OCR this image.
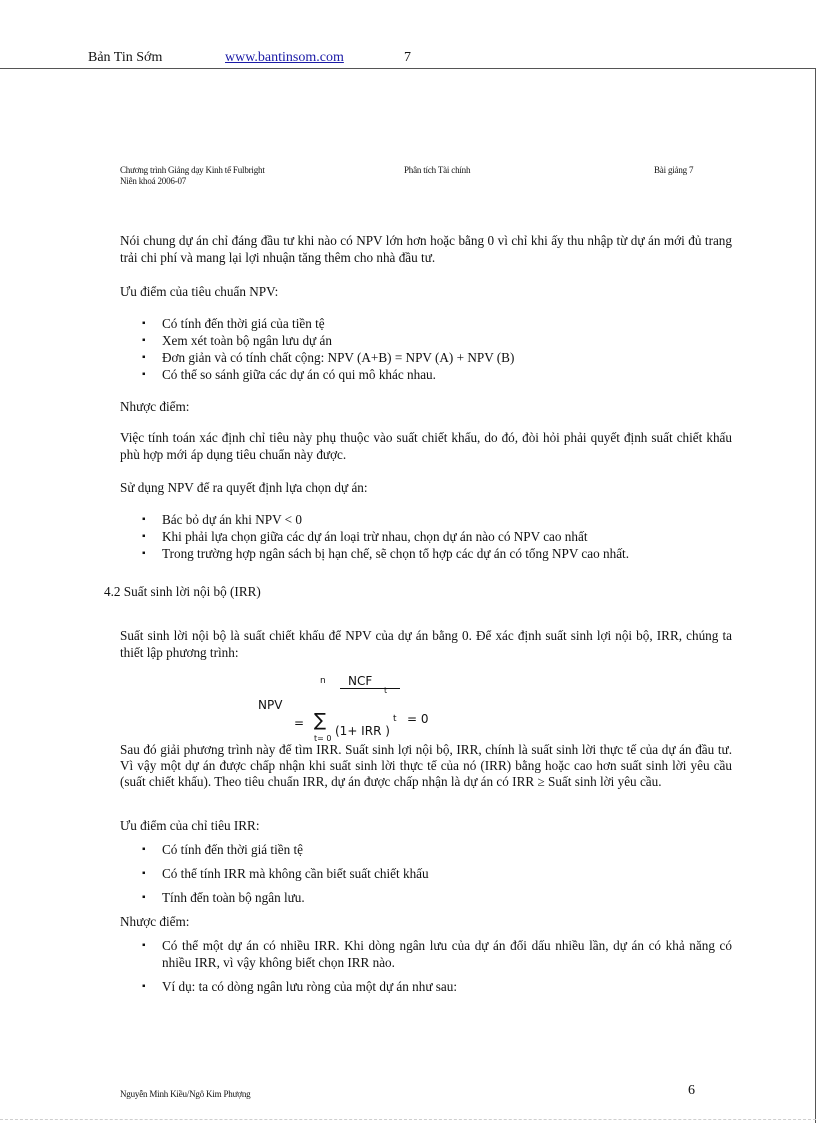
Bản Tin Sớm	www.bantinsom.com	7
Chương trình Giảng dạy Kinh tế Fulbright
Niên khoá 2006-07
Phân tích Tài chính	Bài giảng 7

Nói chung dự án chỉ đáng đầu tư khi nào có NPV lớn hơn hoặc bằng 0 vì chỉ khi ấy thu nhập từ dự án mới đủ trang trải chi phí và mang lại lợi nhuận tăng thêm cho nhà đầu tư.

Ưu điểm của tiêu chuẩn NPV:

▪ Có tính đến thời giá của tiền tệ
▪ Xem xét toàn bộ ngân lưu dự án
▪ Đơn giản và có tính chất cộng: NPV (A+B) = NPV (A) + NPV (B)
▪ Có thể so sánh giữa các dự án có qui mô khác nhau.

Nhược điểm:

Việc tính toán xác định chỉ tiêu này phụ thuộc vào suất chiết khấu, do đó, đòi hỏi phải quyết định suất chiết khấu phù hợp mới áp dụng tiêu chuẩn này được.

Sử dụng NPV để ra quyết định lựa chọn dự án:

▪ Bác bỏ dự án khi NPV < 0
▪ Khi phải lựa chọn giữa các dự án loại trừ nhau, chọn dự án nào có NPV cao nhất
▪ Trong trường hợp ngân sách bị hạn chế, sẽ chọn tổ hợp các dự án có tổng NPV cao nhất.
4.2 Suất sinh lời nội bộ (IRR)

Suất sinh lời nội bộ là suất chiết khấu để NPV của dự án bằng 0. Để xác định suất sinh lợi nội bộ, IRR, chúng ta thiết lập phương trình:

n NCF
t
NPV
∑
=
(1+ IRR )
t = 0
t= 0

Sau đó giải phương trình này để tìm IRR. Suất sinh lợi nội bộ, IRR, chính là suất sinh lời thực tế của dự án đầu tư. Vì vậy một dự án được chấp nhận khi suất sinh lời thực tế của nó (IRR) bằng hoặc cao hơn suất sinh lời yêu cầu (suất chiết khấu). Theo tiêu chuẩn IRR, dự án được chấp nhận là dự án có IRR ≥ Suất sinh lời yêu cầu.

Ưu điểm của chỉ tiêu IRR:

▪ Có tính đến thời giá tiền tệ
▪ Có thể tính IRR mà không cần biết suất chiết khấu
▪ Tính đến toàn bộ ngân lưu.

Nhược điểm:

▪ Có thể một dự án có nhiều IRR. Khi dòng ngân lưu của dự án đổi dấu nhiều lần, dự án có khả năng có nhiều IRR, vì vậy không biết chọn IRR nào.
▪ Ví dụ: ta có dòng ngân lưu ròng của một dự án như sau:
Nguyễn Minh Kiều/Ngô Kim Phượng	6
